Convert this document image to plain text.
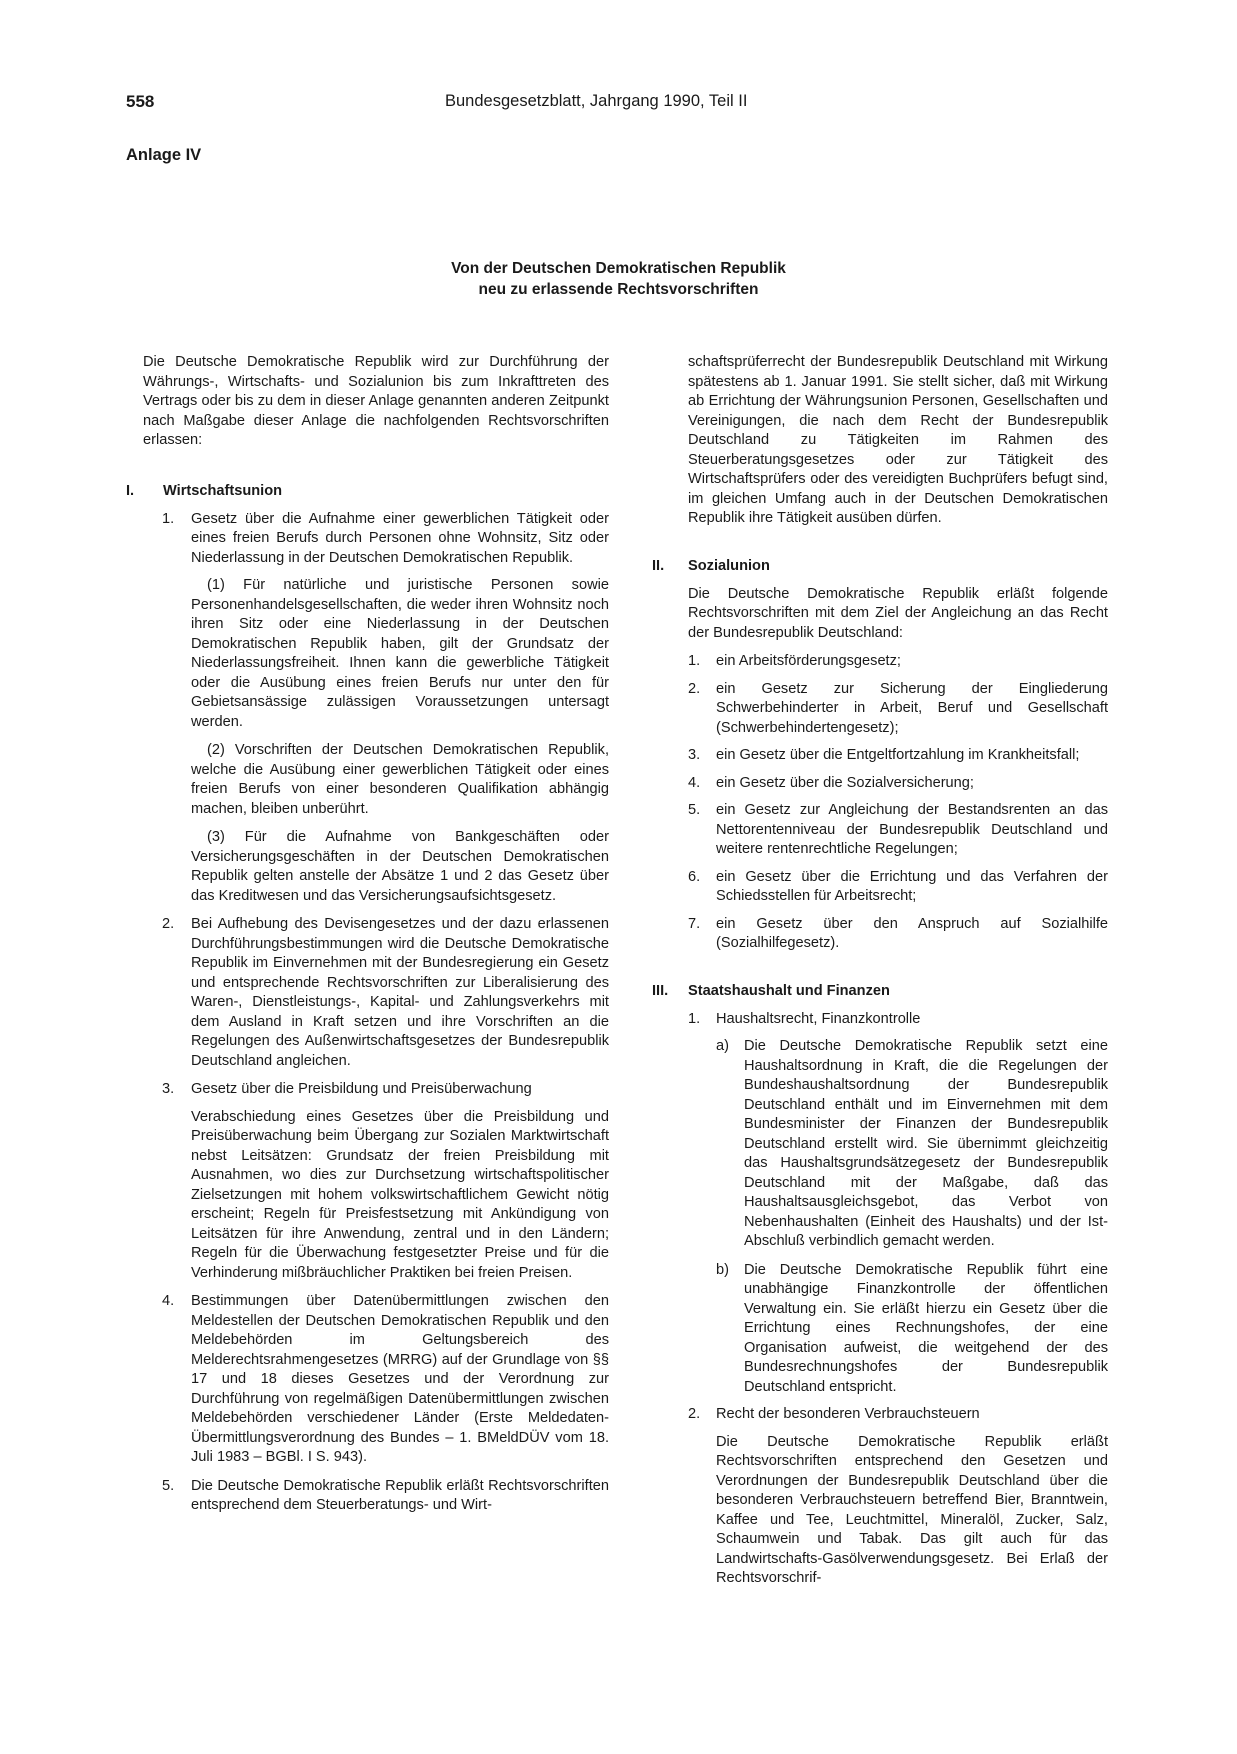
558	Bundesgesetzblatt, Jahrgang 1990, Teil II
Anlage IV
Von der Deutschen Demokratischen Republik
neu zu erlassende Rechtsvorschriften

Die Deutsche Demokratische Republik wird zur Durchführung der Währungs-, Wirtschafts- und Sozialunion bis zum Inkrafttreten des Vertrags oder bis zu dem in dieser Anlage genannten anderen Zeitpunkt nach Maßgabe dieser Anlage die nachfolgenden Rechtsvorschriften erlassen:

I. Wirtschaftsunion
1. Gesetz über die Aufnahme einer gewerblichen Tätigkeit oder eines freien Berufs durch Personen ohne Wohnsitz, Sitz oder Niederlassung in der Deutschen Demokratischen Republik.

(1) Für natürliche und juristische Personen sowie Personenhandelsgesellschaften, die weder ihren Wohnsitz noch ihren Sitz oder eine Niederlassung in der Deutschen Demokratischen Republik haben, gilt der Grundsatz der Niederlassungsfreiheit. Ihnen kann die gewerbliche Tätigkeit oder die Ausübung eines freien Berufs nur unter den für Gebietsansässige zulässigen Voraussetzungen untersagt werden.

(2) Vorschriften der Deutschen Demokratischen Republik, welche die Ausübung einer gewerblichen Tätigkeit oder eines freien Berufs von einer besonderen Qualifikation abhängig machen, bleiben unberührt.

(3) Für die Aufnahme von Bankgeschäften oder Versicherungsgeschäften in der Deutschen Demokratischen Republik gelten anstelle der Absätze 1 und 2 das Gesetz über das Kreditwesen und das Versicherungsaufsichtsgesetz.

2. Bei Aufhebung des Devisengesetzes und der dazu erlassenen Durchführungsbestimmungen wird die Deutsche Demokratische Republik im Einvernehmen mit der Bundesregierung ein Gesetz und entsprechende Rechtsvorschriften zur Liberalisierung des Waren-, Dienstleistungs-, Kapital- und Zahlungsverkehrs mit dem Ausland in Kraft setzen und ihre Vorschriften an die Regelungen des Außenwirtschaftsgesetzes der Bundesrepublik Deutschland angleichen.

3. Gesetz über die Preisbildung und Preisüberwachung

Verabschiedung eines Gesetzes über die Preisbildung und Preisüberwachung beim Übergang zur Sozialen Marktwirtschaft nebst Leitsätzen: Grundsatz der freien Preisbildung mit Ausnahmen, wo dies zur Durchsetzung wirtschaftspolitischer Zielsetzungen mit hohem volkswirtschaftlichem Gewicht nötig erscheint; Regeln für Preisfestsetzung mit Ankündigung von Leitsätzen für ihre Anwendung, zentral und in den Ländern; Regeln für die Überwachung festgesetzter Preise und für die Verhinderung mißbräuchlicher Praktiken bei freien Preisen.

4. Bestimmungen über Datenübermittlungen zwischen den Meldestellen der Deutschen Demokratischen Republik und den Meldebehörden im Geltungsbereich des Melderechtsrahmengesetzes (MRRG) auf der Grundlage von §§ 17 und 18 dieses Gesetzes und der Verordnung zur Durchführung von regelmäßigen Datenübermittlungen zwischen Meldebehörden verschiedener Länder (Erste Meldedaten-Übermittlungsverordnung des Bundes – 1. BMeldDÜV vom 18. Juli 1983 – BGBl. I S. 943).

5. Die Deutsche Demokratische Republik erläßt Rechtsvorschriften entsprechend dem Steuerberatungs- und Wirt-

schaftsprüferrecht der Bundesrepublik Deutschland mit Wirkung spätestens ab 1. Januar 1991. Sie stellt sicher, daß mit Wirkung ab Errichtung der Währungsunion Personen, Gesellschaften und Vereinigungen, die nach dem Recht der Bundesrepublik Deutschland zu Tätigkeiten im Rahmen des Steuerberatungsgesetzes oder zur Tätigkeit des Wirtschaftsprüfers oder des vereidigten Buchprüfers befugt sind, im gleichen Umfang auch in der Deutschen Demokratischen Republik ihre Tätigkeit ausüben dürfen.

II. Sozialunion

Die Deutsche Demokratische Republik erläßt folgende Rechtsvorschriften mit dem Ziel der Angleichung an das Recht der Bundesrepublik Deutschland:

1. ein Arbeitsförderungsgesetz;

2. ein Gesetz zur Sicherung der Eingliederung Schwerbehinderter in Arbeit, Beruf und Gesellschaft (Schwerbehindertengesetz);

3. ein Gesetz über die Entgeltfortzahlung im Krankheitsfall;

4. ein Gesetz über die Sozialversicherung;

5. ein Gesetz zur Angleichung der Bestandsrenten an das Nettorentenniveau der Bundesrepublik Deutschland und weitere rentenrechtliche Regelungen;

6. ein Gesetz über die Errichtung und das Verfahren der Schiedsstellen für Arbeitsrecht;

7. ein Gesetz über den Anspruch auf Sozialhilfe (Sozialhilfegesetz).

III. Staatshaushalt und Finanzen
1. Haushaltsrecht, Finanzkontrolle

a) Die Deutsche Demokratische Republik setzt eine Haushaltsordnung in Kraft, die die Regelungen der Bundeshaushaltsordnung der Bundesrepublik Deutschland enthält und im Einvernehmen mit dem Bundesminister der Finanzen der Bundesrepublik Deutschland erstellt wird. Sie übernimmt gleichzeitig das Haushaltsgrundsätzegesetz der Bundesrepublik Deutschland mit der Maßgabe, daß das Haushaltsausgleichsgebot, das Verbot von Nebenhaushalten (Einheit des Haushalts) und der Ist-Abschluß verbindlich gemacht werden.

b) Die Deutsche Demokratische Republik führt eine unabhängige Finanzkontrolle der öffentlichen Verwaltung ein. Sie erläßt hierzu ein Gesetz über die Errichtung eines Rechnungshofes, der eine Organisation aufweist, die weitgehend der des Bundesrechnungshofes der Bundesrepublik Deutschland entspricht.

2. Recht der besonderen Verbrauchsteuern

Die Deutsche Demokratische Republik erläßt Rechtsvorschriften entsprechend den Gesetzen und Verordnungen der Bundesrepublik Deutschland über die besonderen Verbrauchsteuern betreffend Bier, Branntwein, Kaffee und Tee, Leuchtmittel, Mineralöl, Zucker, Salz, Schaumwein und Tabak. Das gilt auch für das Landwirtschafts-Gasölverwendungsgesetz. Bei Erlaß der Rechtsvorschrif-
